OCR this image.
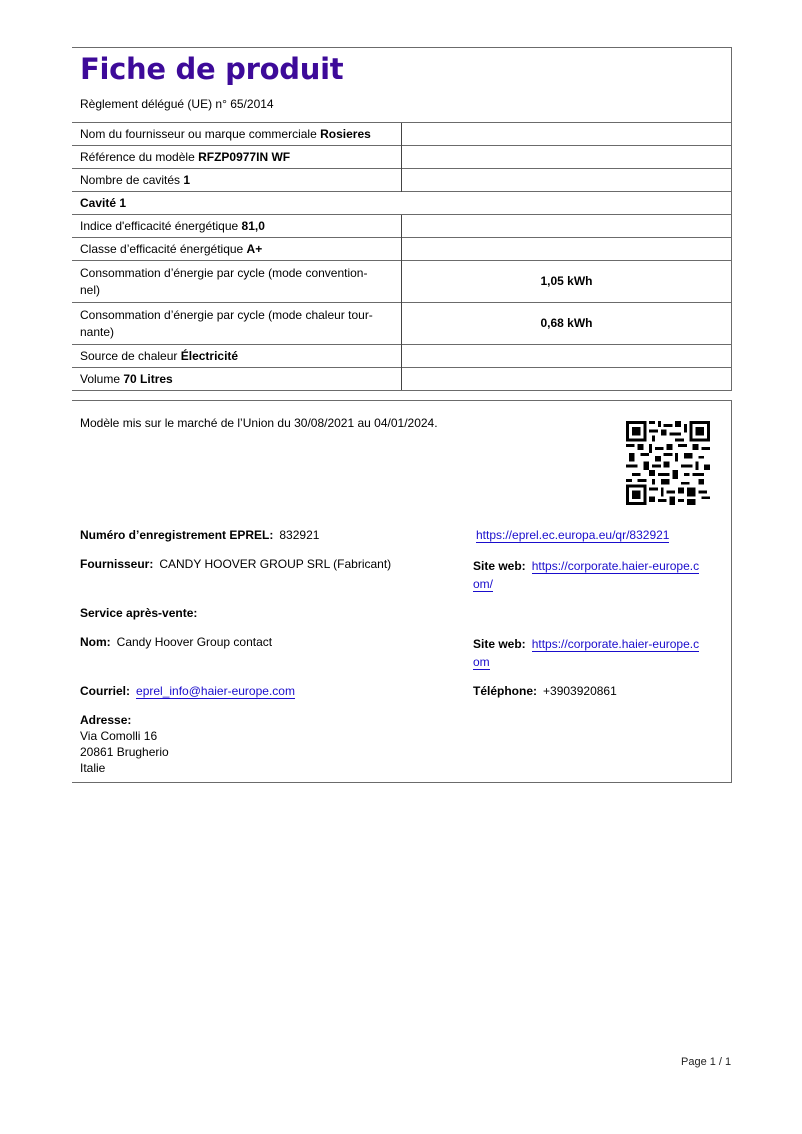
Fiche de produit
Règlement délégué (UE) n° 65/2014
Nom du fournisseur ou marque commerciale Rosieres	
Référence du modèle RFZP0977IN WF	
Nombre de cavités 1	
Cavité 1	
Indice d'efficacité énergétique 81,0	
Classe d’efficacité énergétique A+	
Consommation d’énergie par cycle (mode convention-
nel)	1,05 kWh
Consommation d’énergie par cycle (mode chaleur tour-
nante)	0,68 kWh
Source de chaleur Électricité	
Volume 70 Litres	
Modèle mis sur le marché de l’Union du 30/08/2021 au 04/01/2024.
Numéro d’enregistrement EPREL: 832921	https://eprel.ec.europa.eu/qr/832921
Fournisseur: CANDY HOOVER GROUP SRL (Fabricant)	Site web: https://corporate.haier-europe.c
om/
Service après-vente:
Nom: Candy Hoover Group contact	Site web: https://corporate.haier-europe.c
om
Courriel: eprel_info@haier-europe.com	Téléphone: +3903920861
Adresse:
Via Comolli 16
20861 Brugherio
Italie
Page 1 / 1
